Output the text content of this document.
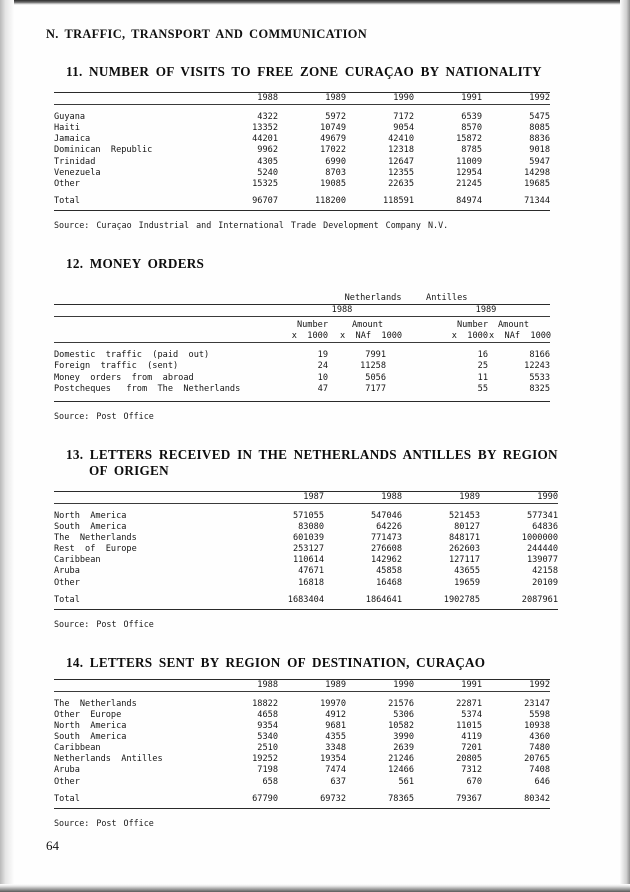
N. TRAFFIC, TRANSPORT AND COMMUNICATION
11. NUMBER OF VISITS TO FREE ZONE CURAÇAO BY NATIONALITY
	1988	1989	1990	1991	1992

Guyana	4322	5972	7172	6539	5475
Haiti	13352	10749	9054	8570	8085
Jamaica	44201	49679	42410	15872	8836
Dominican  Republic	9962	17022	12318	8785	9018
Trinidad	4305	6990	12647	11009	5947
Venezuela	5240	8703	12355	12954	14298
Other	15325	19085	22635	21245	19685

Total	96707	118200	118591	84974	71344

Source: Curaçao Industrial and International Trade Development Company N.V.
12. MONEY ORDERS
	Netherlands   Antilles			
	1988		1989	
	Number	Amount	Number	Amount
	x  1000	x  NAf  1000	x  1000	x  NAf  1000

Domestic  traffic  (paid  out)	19	7991	16	8166
Foreign  traffic  (sent)	24	11258	25	12243
Money  orders  from  abroad	10	5056	11	5533
Postcheques   from  The  Netherlands	47	7177	55	8325

Source: Post Office
13. LETTERS RECEIVED IN THE NETHERLANDS ANTILLES BY REGION
OF ORIGEN
	1987	1988	1989	1990

North  America	571055	547046	521453	577341
South  America	83080	64226	80127	64836
The  Netherlands	601039	771473	848171	1000000
Rest  of  Europe	253127	276608	262603	244440
Caribbean	110614	142962	127117	139077
Aruba	47671	45858	43655	42158
Other	16818	16468	19659	20109

Total	1683404	1864641	1902785	2087961

Source: Post Office
14. LETTERS SENT BY REGION OF DESTINATION, CURAÇAO
	1988	1989	1990	1991	1992

The  Netherlands	18822	19970	21576	22871	23147
Other  Europe	4658	4912	5306	5374	5598
North  America	9354	9681	10582	11015	10938
South  America	5340	4355	3990	4119	4360
Caribbean	2510	3348	2639	7201	7480
Netherlands  Antilles	19252	19354	21246	20805	20765
Aruba	7198	7474	12466	7312	7408
Other	658	637	561	670	646

Total	67790	69732	78365	79367	80342

Source: Post Office
64
